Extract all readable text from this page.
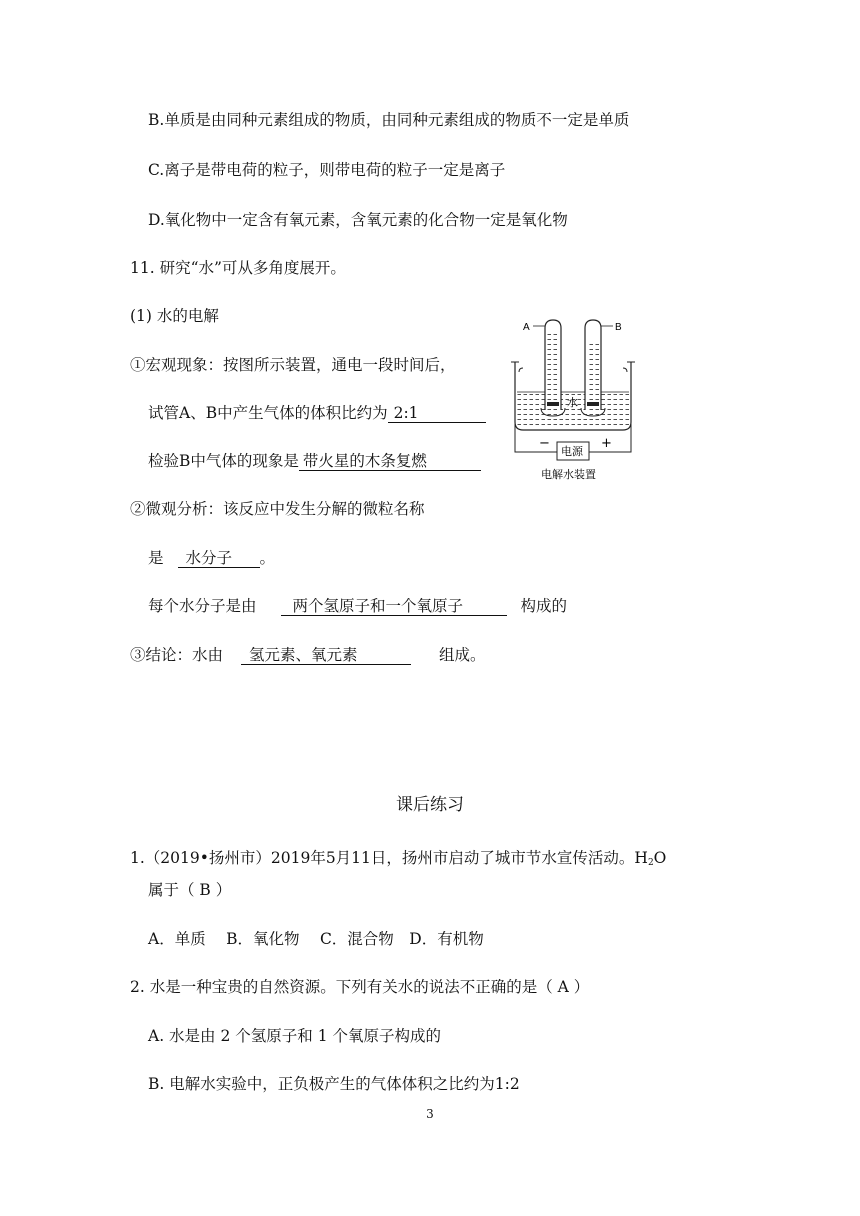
B.单质是由同种元素组成的物质，由同种元素组成的物质不一定是单质
C.离子是带电荷的粒子，则带电荷的粒子一定是离子
D.氧化物中一定含有氧元素，含氧元素的化合物一定是氧化物
11. 研究“水”可从多角度展开。
(1) 水的电解
①宏观现象：按图所示装置，通电一段时间后，
试管A、B中产生气体的体积比约为 2:1
检验B中气体的现象是 带火星的木条复燃
②微观分析：该反应中发生分解的微粒名称
是 水分子 。
每个水分子是由 两个氢原子和一个氧原子	构成的
③结论：水由 氢元素、氧元素	组成。
A	B
水
−	+
电源
电解水装置
课后练习
1.（2019•扬州市）2019年5月11日，扬州市启动了城市节水宣传活动。$H_2O$
属于（ B ）
A．单质　 B．氧化物　 C．混合物　D．有机物
2. 水是一种宝贵的自然资源。下列有关水的说法不正确的是（ A ）
A. 水是由 2 个氢原子和 1 个氧原子构成的
B. 电解水实验中，正负极产生的气体体积之比约为1:2
3
